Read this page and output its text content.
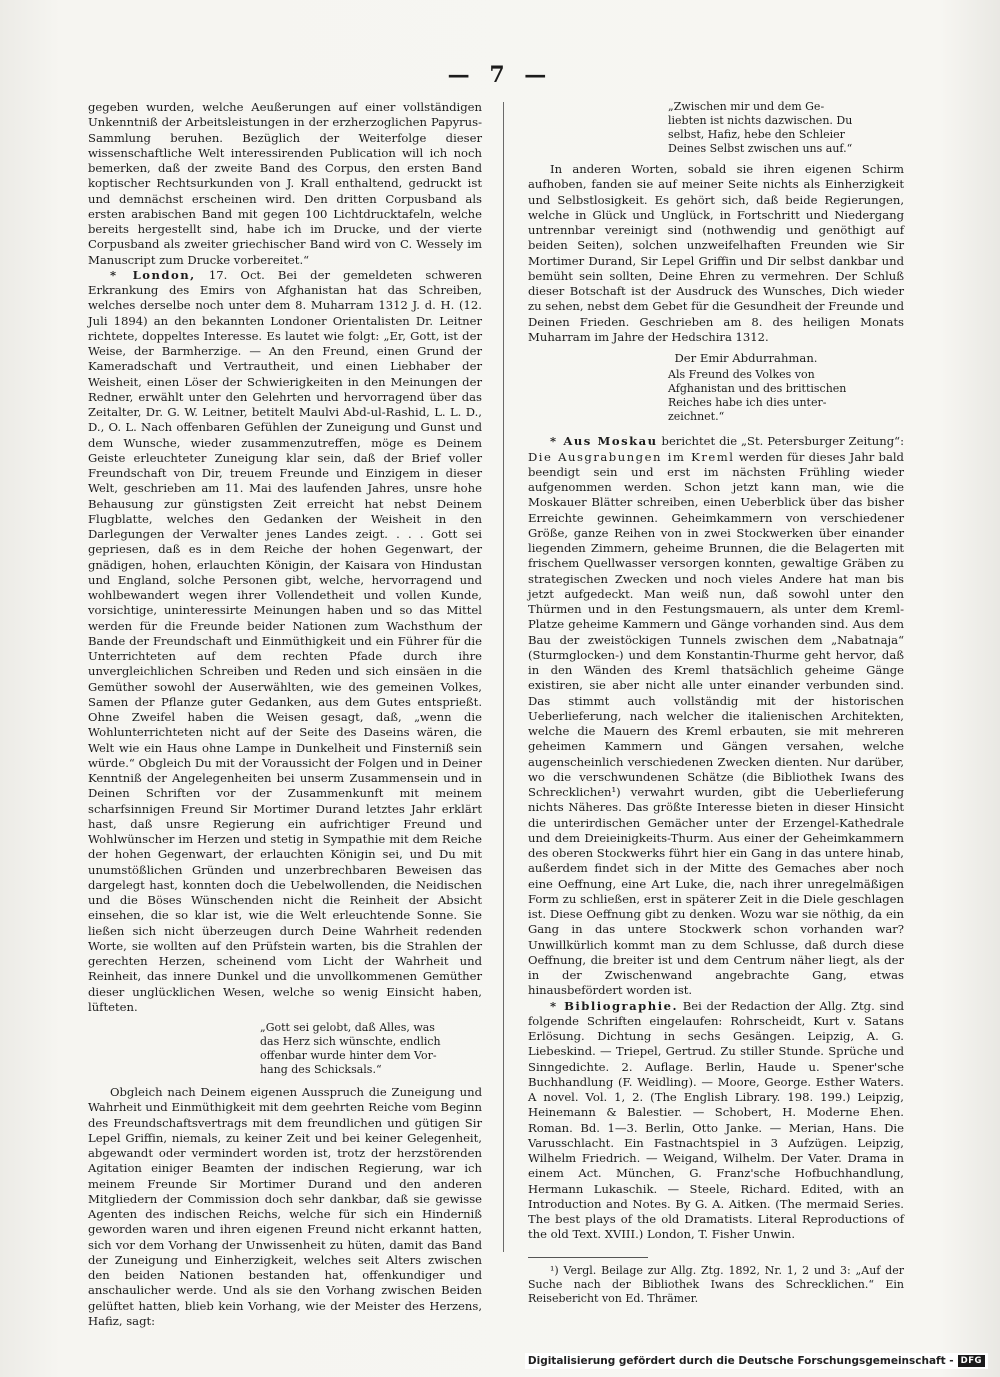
— 7 —

gegeben wurden, welche Aeußerungen auf einer vollständigen Unkenntniß der Arbeitsleistungen in der erzherzoglichen Papyrus-Sammlung beruhen. Bezüglich der Weiterfolge dieser wissenschaftliche Welt interessirenden Publication will ich noch bemerken, daß der zweite Band des Corpus, den ersten Band koptischer Rechtsurkunden von J. Krall enthaltend, gedruckt ist und demnächst erscheinen wird. Den dritten Corpusband als ersten arabischen Band mit gegen 100 Lichtdrucktafeln, welche bereits hergestellt sind, habe ich im Drucke, und der vierte Corpusband als zweiter griechischer Band wird von C. Wessely im Manuscript zum Drucke vorbereitet.“

* London, 17. Oct. Bei der gemeldeten schweren Erkrankung des Emirs von Afghanistan hat das Schreiben, welches derselbe noch unter dem 8. Muharram 1312 J. d. H. (12. Juli 1894) an den bekannten Londoner Orientalisten Dr. Leitner richtete, doppeltes Interesse. Es lautet wie folgt: „Er, Gott, ist der Weise, der Barmherzige. — An den Freund, einen Grund der Kameradschaft und Vertrautheit, und einen Liebhaber der Weisheit, einen Löser der Schwierigkeiten in den Meinungen der Redner, erwählt unter den Gelehrten und hervorragend über das Zeitalter, Dr. G. W. Leitner, betitelt Maulvi Abd-ul-Rashid, L. L. D., D., O. L. Nach offenbaren Gefühlen der Zuneigung und Gunst und dem Wunsche, wieder zusammenzutreffen, möge es Deinem Geiste erleuchteter Zuneigung klar sein, daß der Brief voller Freundschaft von Dir, treuem Freunde und Einzigem in dieser Welt, geschrieben am 11. Mai des laufenden Jahres, unsre hohe Behausung zur günstigsten Zeit erreicht hat nebst Deinem Flugblatte, welches den Gedanken der Weisheit in den Darlegungen der Verwalter jenes Landes zeigt. . . . Gott sei gepriesen, daß es in dem Reiche der hohen Gegenwart, der gnädigen, hohen, erlauchten Königin, der Kaisara von Hindustan und England, solche Personen gibt, welche, hervorragend und wohlbewandert wegen ihrer Vollendetheit und vollen Kunde, vorsichtige, uninteressirte Meinungen haben und so das Mittel werden für die Freunde beider Nationen zum Wachsthum der Bande der Freundschaft und Einmüthigkeit und ein Führer für die Unterrichteten auf dem rechten Pfade durch ihre unvergleichlichen Schreiben und Reden und sich einsäen in die Gemüther sowohl der Auserwählten, wie des gemeinen Volkes, Samen der Pflanze guter Gedanken, aus dem Gutes entsprießt. Ohne Zweifel haben die Weisen gesagt, daß, „wenn die Wohlunterrichteten nicht auf der Seite des Daseins wären, die Welt wie ein Haus ohne Lampe in Dunkelheit und Finsterniß sein würde.“ Obgleich Du mit der Voraussicht der Folgen und in Deiner Kenntniß der Angelegenheiten bei unserm Zusammensein und in Deinen Schriften vor der Zusammenkunft mit meinem scharfsinnigen Freund Sir Mortimer Durand letztes Jahr erklärt hast, daß unsre Regierung ein aufrichtiger Freund und Wohlwünscher im Herzen und stetig in Sympathie mit dem Reiche der hohen Gegenwart, der erlauchten Königin sei, und Du mit unumstößlichen Gründen und unzerbrechbaren Beweisen das dargelegt hast, konnten doch die Uebelwollenden, die Neidischen und die Böses Wünschenden nicht die Reinheit der Absicht einsehen, die so klar ist, wie die Welt erleuchtende Sonne. Sie ließen sich nicht überzeugen durch Deine Wahrheit redenden Worte, sie wollten auf den Prüfstein warten, bis die Strahlen der gerechten Herzen, scheinend vom Licht der Wahrheit und Reinheit, das innere Dunkel und die unvollkommenen Gemüther dieser unglücklichen Wesen, welche so wenig Einsicht haben, lüfteten.

„Gott sei gelobt, daß Alles, was
das Herz sich wünschte, endlich
offenbar wurde hinter dem Vor-
hang des Schicksals.“

Obgleich nach Deinem eigenen Ausspruch die Zuneigung und Wahrheit und Einmüthigkeit mit dem geehrten Reiche vom Beginn des Freundschaftsvertrags mit dem freundlichen und gütigen Sir Lepel Griffin, niemals, zu keiner Zeit und bei keiner Gelegenheit, abgewandt oder vermindert worden ist, trotz der herzstörenden Agitation einiger Beamten der indischen Regierung, war ich meinem Freunde Sir Mortimer Durand und den anderen Mitgliedern der Commission doch sehr dankbar, daß sie gewisse Agenten des indischen Reichs, welche für sich ein Hinderniß geworden waren und ihren eigenen Freund nicht erkannt hatten, sich vor dem Vorhang der Unwissenheit zu hüten, damit das Band der Zuneigung und Einherzigkeit, welches seit Alters zwischen den beiden Nationen bestanden hat, offenkundiger und anschaulicher werde. Und als sie den Vorhang zwischen Beiden gelüftet hatten, blieb kein Vorhang, wie der Meister des Herzens, Hafiz, sagt:

„Zwischen mir und dem Ge-
liebten ist nichts dazwischen. Du
selbst, Hafiz, hebe den Schleier
Deines Selbst zwischen uns auf.“

In anderen Worten, sobald sie ihren eigenen Schirm aufhoben, fanden sie auf meiner Seite nichts als Einherzigkeit und Selbstlosigkeit. Es gehört sich, daß beide Regierungen, welche in Glück und Unglück, in Fortschritt und Niedergang untrennbar vereinigt sind (nothwendig und genöthigt auf beiden Seiten), solchen unzweifelhaften Freunden wie Sir Mortimer Durand, Sir Lepel Griffin und Dir selbst dankbar und bemüht sein sollten, Deine Ehren zu vermehren. Der Schluß dieser Botschaft ist der Ausdruck des Wunsches, Dich wieder zu sehen, nebst dem Gebet für die Gesundheit der Freunde und Deinen Frieden. Geschrieben am 8. des heiligen Monats Muharram im Jahre der Hedschira 1312.

Der Emir Abdurrahman.
Als Freund des Volkes von
Afghanistan und des brittischen
Reiches habe ich dies unter-
zeichnet.“

* Aus Moskau berichtet die „St. Petersburger Zeitung“: Die Ausgrabungen im Kreml werden für dieses Jahr bald beendigt sein und erst im nächsten Frühling wieder aufgenommen werden. Schon jetzt kann man, wie die Moskauer Blätter schreiben, einen Ueberblick über das bisher Erreichte gewinnen. Geheimkammern von verschiedener Größe, ganze Reihen von in zwei Stockwerken über einander liegenden Zimmern, geheime Brunnen, die die Belagerten mit frischem Quellwasser versorgen konnten, gewaltige Gräben zu strategischen Zwecken und noch vieles Andere hat man bis jetzt aufgedeckt. Man weiß nun, daß sowohl unter den Thürmen und in den Festungsmauern, als unter dem Kreml-Platze geheime Kammern und Gänge vorhanden sind. Aus dem Bau der zweistöckigen Tunnels zwischen dem „Nabatnaja“ (Sturmglocken-) und dem Konstantin-Thurme geht hervor, daß in den Wänden des Kreml thatsächlich geheime Gänge existiren, sie aber nicht alle unter einander verbunden sind. Das stimmt auch vollständig mit der historischen Ueberlieferung, nach welcher die italienischen Architekten, welche die Mauern des Kreml erbauten, sie mit mehreren geheimen Kammern und Gängen versahen, welche augenscheinlich verschiedenen Zwecken dienten. Nur darüber, wo die verschwundenen Schätze (die Bibliothek Iwans des Schrecklichen¹) verwahrt wurden, gibt die Ueberlieferung nichts Näheres. Das größte Interesse bieten in dieser Hinsicht die unterirdischen Gemächer unter der Erzengel-Kathedrale und dem Dreieinigkeits-Thurm. Aus einer der Geheimkammern des oberen Stockwerks führt hier ein Gang in das untere hinab, außerdem findet sich in der Mitte des Gemaches aber noch eine Oeffnung, eine Art Luke, die, nach ihrer unregelmäßigen Form zu schließen, erst in späterer Zeit in die Diele geschlagen ist. Diese Oeffnung gibt zu denken. Wozu war sie nöthig, da ein Gang in das untere Stockwerk schon vorhanden war? Unwillkürlich kommt man zu dem Schlusse, daß durch diese Oeffnung, die breiter ist und dem Centrum näher liegt, als der in der Zwischenwand angebrachte Gang, etwas hinausbefördert worden ist.

* Bibliographie. Bei der Redaction der Allg. Ztg. sind folgende Schriften eingelaufen: Rohrscheidt, Kurt v. Satans Erlösung. Dichtung in sechs Gesängen. Leipzig, A. G. Liebeskind. — Triepel, Gertrud. Zu stiller Stunde. Sprüche und Sinngedichte. 2. Auflage. Berlin, Haude u. Spener'sche Buchhandlung (F. Weidling). — Moore, George. Esther Waters. A novel. Vol. 1, 2. (The English Library. 198. 199.) Leipzig, Heinemann & Balestier. — Schobert, H. Moderne Ehen. Roman. Bd. 1—3. Berlin, Otto Janke. — Merian, Hans. Die Varusschlacht. Ein Fastnachtspiel in 3 Aufzügen. Leipzig, Wilhelm Friedrich. — Weigand, Wilhelm. Der Vater. Drama in einem Act. München, G. Franz'sche Hofbuchhandlung, Hermann Lukaschik. — Steele, Richard. Edited, with an Introduction and Notes. By G. A. Aitken. (The mermaid Series. The best plays of the old Dramatists. Literal Reproductions of the old Text. XVIII.) London, T. Fisher Unwin.

¹) Vergl. Beilage zur Allg. Ztg. 1892, Nr. 1, 2 und 3: „Auf der Suche nach der Bibliothek Iwans des Schrecklichen.“ Ein Reisebericht von Ed. Thrämer.

Digitalisierung gefördert durch die Deutsche Forschungsgemeinschaft - DFG
